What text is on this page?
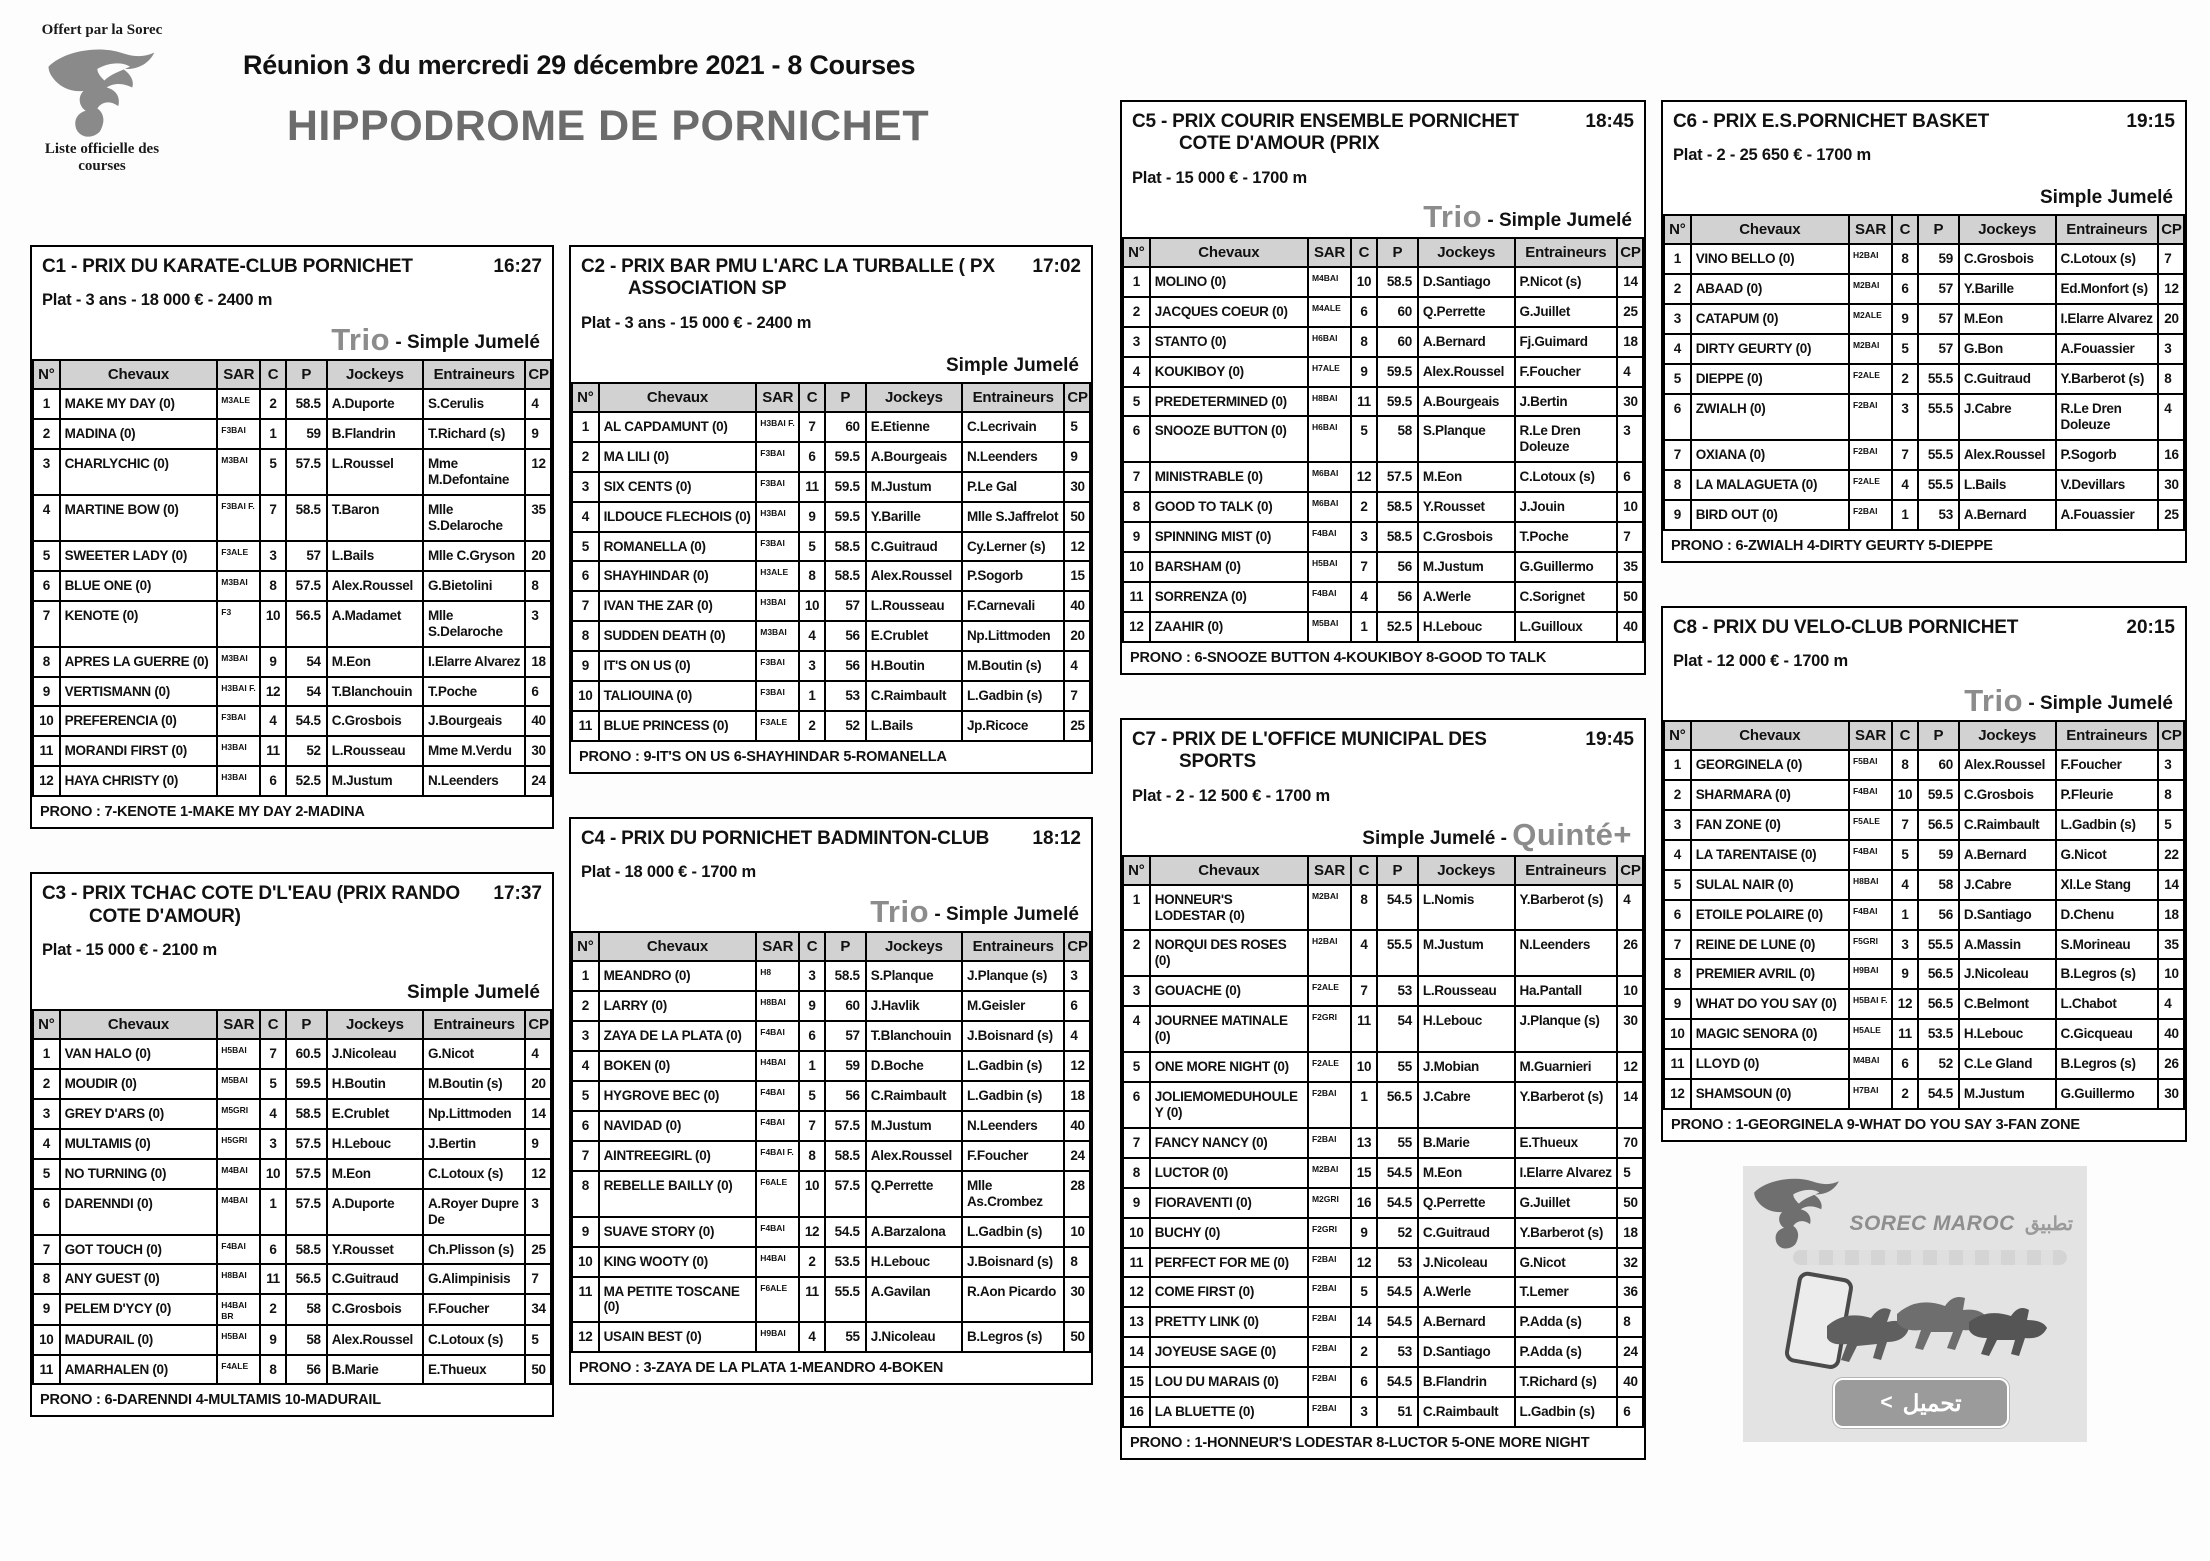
Offert par la Sorec
Liste officielle des courses
Réunion 3 du mercredi 29 décembre 2021 - 8 Courses
HIPPODROME DE PORNICHET
C1 - PRIX DU KARATE-CLUB PORNICHET	16:27
Plat - 3 ans - 18 000 € - 2400 m
Trio - Simple Jumelé
N°	Chevaux	SAR	C	P	Jockeys	Entraineurs	CP
1	MAKE MY DAY (0)	M3ALE	2	58.5	A.Duporte	S.Cerulis	4
2	MADINA (0)	F3BAI	1	59	B.Flandrin	T.Richard (s)	9
3	CHARLYCHIC (0)	M3BAI	5	57.5	L.Roussel	Mme M.Defontaine	12
4	MARTINE BOW (0)	F3BAI F.	7	58.5	T.Baron	Mlle S.Delaroche	35
5	SWEETER LADY (0)	F3ALE	3	57	L.Bails	Mlle C.Gryson	20
6	BLUE ONE (0)	M3BAI	8	57.5	Alex.Roussel	G.Bietolini	8
7	KENOTE (0)	F3	10	56.5	A.Madamet	Mlle S.Delaroche	3
8	APRES LA GUERRE (0)	M3BAI	9	54	M.Eon	I.Elarre Alvarez	18
9	VERTISMANN (0)	H3BAI F.	12	54	T.Blanchouin	T.Poche	6
10	PREFERENCIA (0)	F3BAI	4	54.5	C.Grosbois	J.Bourgeais	40
11	MORANDI FIRST (0)	H3BAI	11	52	L.Rousseau	Mme M.Verdu	30
12	HAYA CHRISTY (0)	H3BAI	6	52.5	M.Justum	N.Leenders	24
PRONO : 7-KENOTE 1-MAKE MY DAY 2-MADINA
C3 - PRIX TCHAC COTE D'L'EAU (PRIX RANDO COTE D'AMOUR)
17:37
Plat - 15 000 € - 2100 m
Simple Jumelé
N°	Chevaux	SAR	C	P	Jockeys	Entraineurs	CP
1	VAN HALO (0)	H5BAI	7	60.5	J.Nicoleau	G.Nicot	4
2	MOUDIR (0)	M5BAI	5	59.5	H.Boutin	M.Boutin (s)	20
3	GREY D'ARS (0)	M5GRI	4	58.5	E.Crublet	Np.Littmoden	14
4	MULTAMIS (0)	H5GRI	3	57.5	H.Lebouc	J.Bertin	9
5	NO TURNING (0)	M4BAI	10	57.5	M.Eon	C.Lotoux (s)	12
6	DARENNDI (0)	M4BAI	1	57.5	A.Duporte	A.Royer Dupre De	3
7	GOT TOUCH (0)	F4BAI	6	58.5	Y.Rousset	Ch.Plisson (s)	25
8	ANY GUEST (0)	H8BAI	11	56.5	C.Guitraud	G.Alimpinisis	7
9	PELEM D'YCY (0)	H4BAI BR	2	58	C.Grosbois	F.Foucher	34
10	MADURAIL (0)	H5BAI	9	58	Alex.Roussel	C.Lotoux (s)	5
11	AMARHALEN (0)	F4ALE	8	56	B.Marie	E.Thueux	50
PRONO : 6-DARENNDI 4-MULTAMIS 10-MADURAIL
C2 - PRIX BAR PMU L'ARC LA TURBALLE ( PX ASSOCIATION SP
17:02
Plat - 3 ans - 15 000 € - 2400 m
Simple Jumelé
N°	Chevaux	SAR	C	P	Jockeys	Entraineurs	CP
1	AL CAPDAMUNT (0)	H3BAI F.	7	60	E.Etienne	C.Lecrivain	5
2	MA LILI (0)	F3BAI	6	59.5	A.Bourgeais	N.Leenders	9
3	SIX CENTS (0)	F3BAI	11	59.5	M.Justum	P.Le Gal	30
4	ILDOUCE FLECHOIS (0)	H3BAI	9	59.5	Y.Barille	Mlle S.Jaffrelot	50
5	ROMANELLA (0)	F3BAI	5	58.5	C.Guitraud	Cy.Lerner (s)	12
6	SHAYHINDAR (0)	H3ALE	8	58.5	Alex.Roussel	P.Sogorb	15
7	IVAN THE ZAR (0)	H3BAI	10	57	L.Rousseau	F.Carnevali	40
8	SUDDEN DEATH (0)	M3BAI	4	56	E.Crublet	Np.Littmoden	20
9	IT'S ON US (0)	F3BAI	3	56	H.Boutin	M.Boutin (s)	4
10	TALIOUINA (0)	F3BAI	1	53	C.Raimbault	L.Gadbin (s)	7
11	BLUE PRINCESS (0)	F3ALE	2	52	L.Bails	Jp.Ricoce	25
PRONO : 9-IT'S ON US 6-SHAYHINDAR 5-ROMANELLA
C4 - PRIX DU PORNICHET BADMINTON-CLUB	18:12
Plat - 18 000 € - 1700 m
Trio - Simple Jumelé
N°	Chevaux	SAR	C	P	Jockeys	Entraineurs	CP
1	MEANDRO (0)	H8	3	58.5	S.Planque	J.Planque (s)	3
2	LARRY (0)	H8BAI	9	60	J.Havlik	M.Geisler	6
3	ZAYA DE LA PLATA (0)	F4BAI	6	57	T.Blanchouin	J.Boisnard (s)	4
4	BOKEN (0)	H4BAI	1	59	D.Boche	L.Gadbin (s)	12
5	HYGROVE BEC (0)	F4BAI	5	56	C.Raimbault	L.Gadbin (s)	18
6	NAVIDAD (0)	F4BAI	7	57.5	M.Justum	N.Leenders	40
7	AINTREEGIRL (0)	F4BAI F.	8	58.5	Alex.Roussel	F.Foucher	24
8	REBELLE BAILLY (0)	F6ALE	10	57.5	Q.Perrette	Mlle As.Crombez	28
9	SUAVE STORY (0)	F4BAI	12	54.5	A.Barzalona	L.Gadbin (s)	10
10	KING WOOTY (0)	H4BAI	2	53.5	H.Lebouc	J.Boisnard (s)	8
11	MA PETITE TOSCANE (0)	F6ALE	11	55.5	A.Gavilan	R.Aon Picardo	30
12	USAIN BEST (0)	H9BAI	4	55	J.Nicoleau	B.Legros (s)	50
PRONO : 3-ZAYA DE LA PLATA 1-MEANDRO 4-BOKEN
C5 - PRIX COURIR ENSEMBLE PORNICHET COTE D'AMOUR (PRIX
18:45
Plat - 15 000 € - 1700 m
Trio - Simple Jumelé
N°	Chevaux	SAR	C	P	Jockeys	Entraineurs	CP
1	MOLINO (0)	M4BAI	10	58.5	D.Santiago	P.Nicot (s)	14
2	JACQUES COEUR (0)	M4ALE	6	60	Q.Perrette	G.Juillet	25
3	STANTO (0)	H6BAI	8	60	A.Bernard	Fj.Guimard	18
4	KOUKIBOY (0)	H7ALE	9	59.5	Alex.Roussel	F.Foucher	4
5	PREDETERMINED (0)	H8BAI	11	59.5	A.Bourgeais	J.Bertin	30
6	SNOOZE BUTTON (0)	H6BAI	5	58	S.Planque	R.Le Dren Doleuze	3
7	MINISTRABLE (0)	M6BAI	12	57.5	M.Eon	C.Lotoux (s)	6
8	GOOD TO TALK (0)	M6BAI	2	58.5	Y.Rousset	J.Jouin	10
9	SPINNING MIST (0)	F4BAI	3	58.5	C.Grosbois	T.Poche	7
10	BARSHAM (0)	H5BAI	7	56	M.Justum	G.Guillermo	35
11	SORRENZA (0)	F4BAI	4	56	A.Werle	C.Sorignet	50
12	ZAAHIR (0)	M5BAI	1	52.5	H.Lebouc	L.Guilloux	40
PRONO : 6-SNOOZE BUTTON 4-KOUKIBOY 8-GOOD TO TALK
C7 - PRIX DE L'OFFICE MUNICIPAL DES SPORTS
19:45
Plat - 2 - 12 500 € - 1700 m
Simple Jumelé - Quinté+
N°	Chevaux	SAR	C	P	Jockeys	Entraineurs	CP
1	HONNEUR'S LODESTAR (0)	M2BAI	8	54.5	L.Nomis	Y.Barberot (s)	4
2	NORQUI DES ROSES (0)	H2BAI	4	55.5	M.Justum	N.Leenders	26
3	GOUACHE (0)	F2ALE	7	53	L.Rousseau	Ha.Pantall	10
4	JOURNEE MATINALE (0)	F2GRI	11	54	H.Lebouc	J.Planque (s)	30
5	ONE MORE NIGHT (0)	F2ALE	10	55	J.Mobian	M.Guarnieri	12
6	JOLIEMOMEDUHOULEY (0)	F2BAI	1	56.5	J.Cabre	Y.Barberot (s)	14
7	FANCY NANCY (0)	F2BAI	13	55	B.Marie	E.Thueux	70
8	LUCTOR (0)	M2BAI	15	54.5	M.Eon	I.Elarre Alvarez	5
9	FIORAVENTI (0)	M2GRI	16	54.5	Q.Perrette	G.Juillet	50
10	BUCHY (0)	F2GRI	9	52	C.Guitraud	Y.Barberot (s)	18
11	PERFECT FOR ME (0)	F2BAI	12	53	J.Nicoleau	G.Nicot	32
12	COME FIRST (0)	F2BAI	5	54.5	A.Werle	T.Lemer	36
13	PRETTY LINK (0)	F2BAI	14	54.5	A.Bernard	P.Adda (s)	8
14	JOYEUSE SAGE (0)	F2BAI	2	53	D.Santiago	P.Adda (s)	24
15	LOU DU MARAIS (0)	F2BAI	6	54.5	B.Flandrin	T.Richard (s)	40
16	LA BLUETTE (0)	F2BAI	3	51	C.Raimbault	L.Gadbin (s)	6
PRONO : 1-HONNEUR'S LODESTAR 8-LUCTOR 5-ONE MORE NIGHT
C6 - PRIX E.S.PORNICHET BASKET	19:15
Plat - 2 - 25 650 € - 1700 m
Simple Jumelé
N°	Chevaux	SAR	C	P	Jockeys	Entraineurs	CP
1	VINO BELLO (0)	H2BAI	8	59	C.Grosbois	C.Lotoux (s)	7
2	ABAAD (0)	M2BAI	6	57	Y.Barille	Ed.Monfort (s)	12
3	CATAPUM (0)	M2ALE	9	57	M.Eon	I.Elarre Alvarez	20
4	DIRTY GEURTY (0)	M2BAI	5	57	G.Bon	A.Fouassier	3
5	DIEPPE (0)	F2ALE	2	55.5	C.Guitraud	Y.Barberot (s)	8
6	ZWIALH (0)	F2BAI	3	55.5	J.Cabre	R.Le Dren Doleuze	4
7	OXIANA (0)	F2BAI	7	55.5	Alex.Roussel	P.Sogorb	16
8	LA MALAGUETA (0)	F2ALE	4	55.5	L.Bails	V.Devillars	30
9	BIRD OUT (0)	F2BAI	1	53	A.Bernard	A.Fouassier	25
PRONO : 6-ZWIALH 4-DIRTY GEURTY 5-DIEPPE
C8 - PRIX DU VELO-CLUB PORNICHET	20:15
Plat - 12 000 € - 1700 m
Trio - Simple Jumelé
N°	Chevaux	SAR	C	P	Jockeys	Entraineurs	CP
1	GEORGINELA (0)	F5BAI	8	60	Alex.Roussel	F.Foucher	3
2	SHARMARA (0)	F4BAI	10	59.5	C.Grosbois	P.Fleurie	8
3	FAN ZONE (0)	F5ALE	7	56.5	C.Raimbault	L.Gadbin (s)	5
4	LA TARENTAISE (0)	F4BAI	5	59	A.Bernard	G.Nicot	22
5	SULAL NAIR (0)	H8BAI	4	58	J.Cabre	Xl.Le Stang	14
6	ETOILE POLAIRE (0)	F4BAI	1	56	D.Santiago	D.Chenu	18
7	REINE DE LUNE (0)	F5GRI	3	55.5	A.Massin	S.Morineau	35
8	PREMIER AVRIL (0)	H9BAI	9	56.5	J.Nicoleau	B.Legros (s)	10
9	WHAT DO YOU SAY (0)	H5BAI F.	12	56.5	C.Belmont	L.Chabot	4
10	MAGIC SENORA (0)	H5ALE	11	53.5	H.Lebouc	C.Gicqueau	40
11	LLOYD (0)	M4BAI	6	52	C.Le Gland	B.Legros (s)	26
12	SHAMSOUN (0)	H7BAI	2	54.5	M.Justum	G.Guillermo	30
PRONO : 1-GEORGINELA 9-WHAT DO YOU SAY 3-FAN ZONE
SOREC MAROC تطبيق
< تحميل
